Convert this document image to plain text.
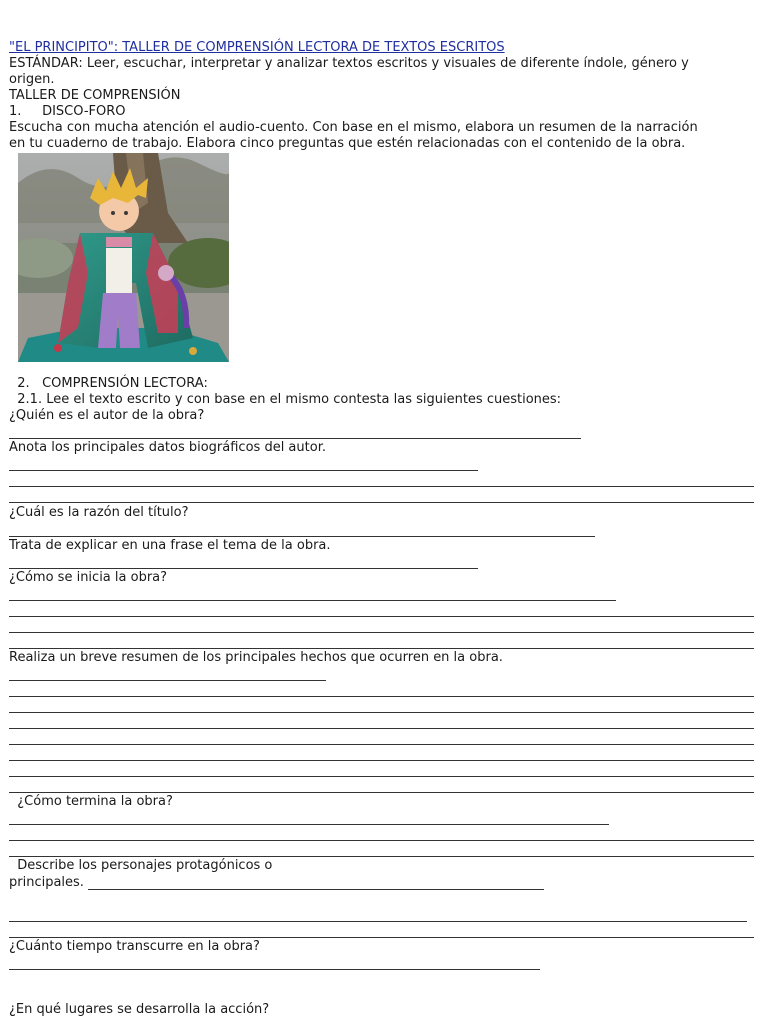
"EL PRINCIPITO": TALLER DE COMPRENSIÓN LECTORA DE TEXTOS ESCRITOS
ESTÁNDAR: Leer, escuchar, interpretar y analizar textos escritos y visuales de diferente índole, género y
origen.
TALLER DE COMPRENSIÓN
1.     DISCO-FORO
Escucha con mucha atención el audio-cuento. Con base en el mismo, elabora un resumen de la narración
en tu cuaderno de trabajo. Elabora cinco preguntas que estén relacionadas con el contenido de la obra.
2.   COMPRENSIÓN LECTORA:
2.1. Lee el texto escrito y con base en el mismo contesta las siguientes cuestiones:
¿Quién es el autor de la obra?
Anota los principales datos biográficos del autor.
¿Cuál es la razón del título?
Trata de explicar en una frase el tema de la obra.
¿Cómo se inicia la obra?
Realiza un breve resumen de los principales hechos que ocurren en la obra.
¿Cómo termina la obra?
Describe los personajes protagónicos o
principales.
¿Cuánto tiempo transcurre en la obra?
¿En qué lugares se desarrolla la acción?
